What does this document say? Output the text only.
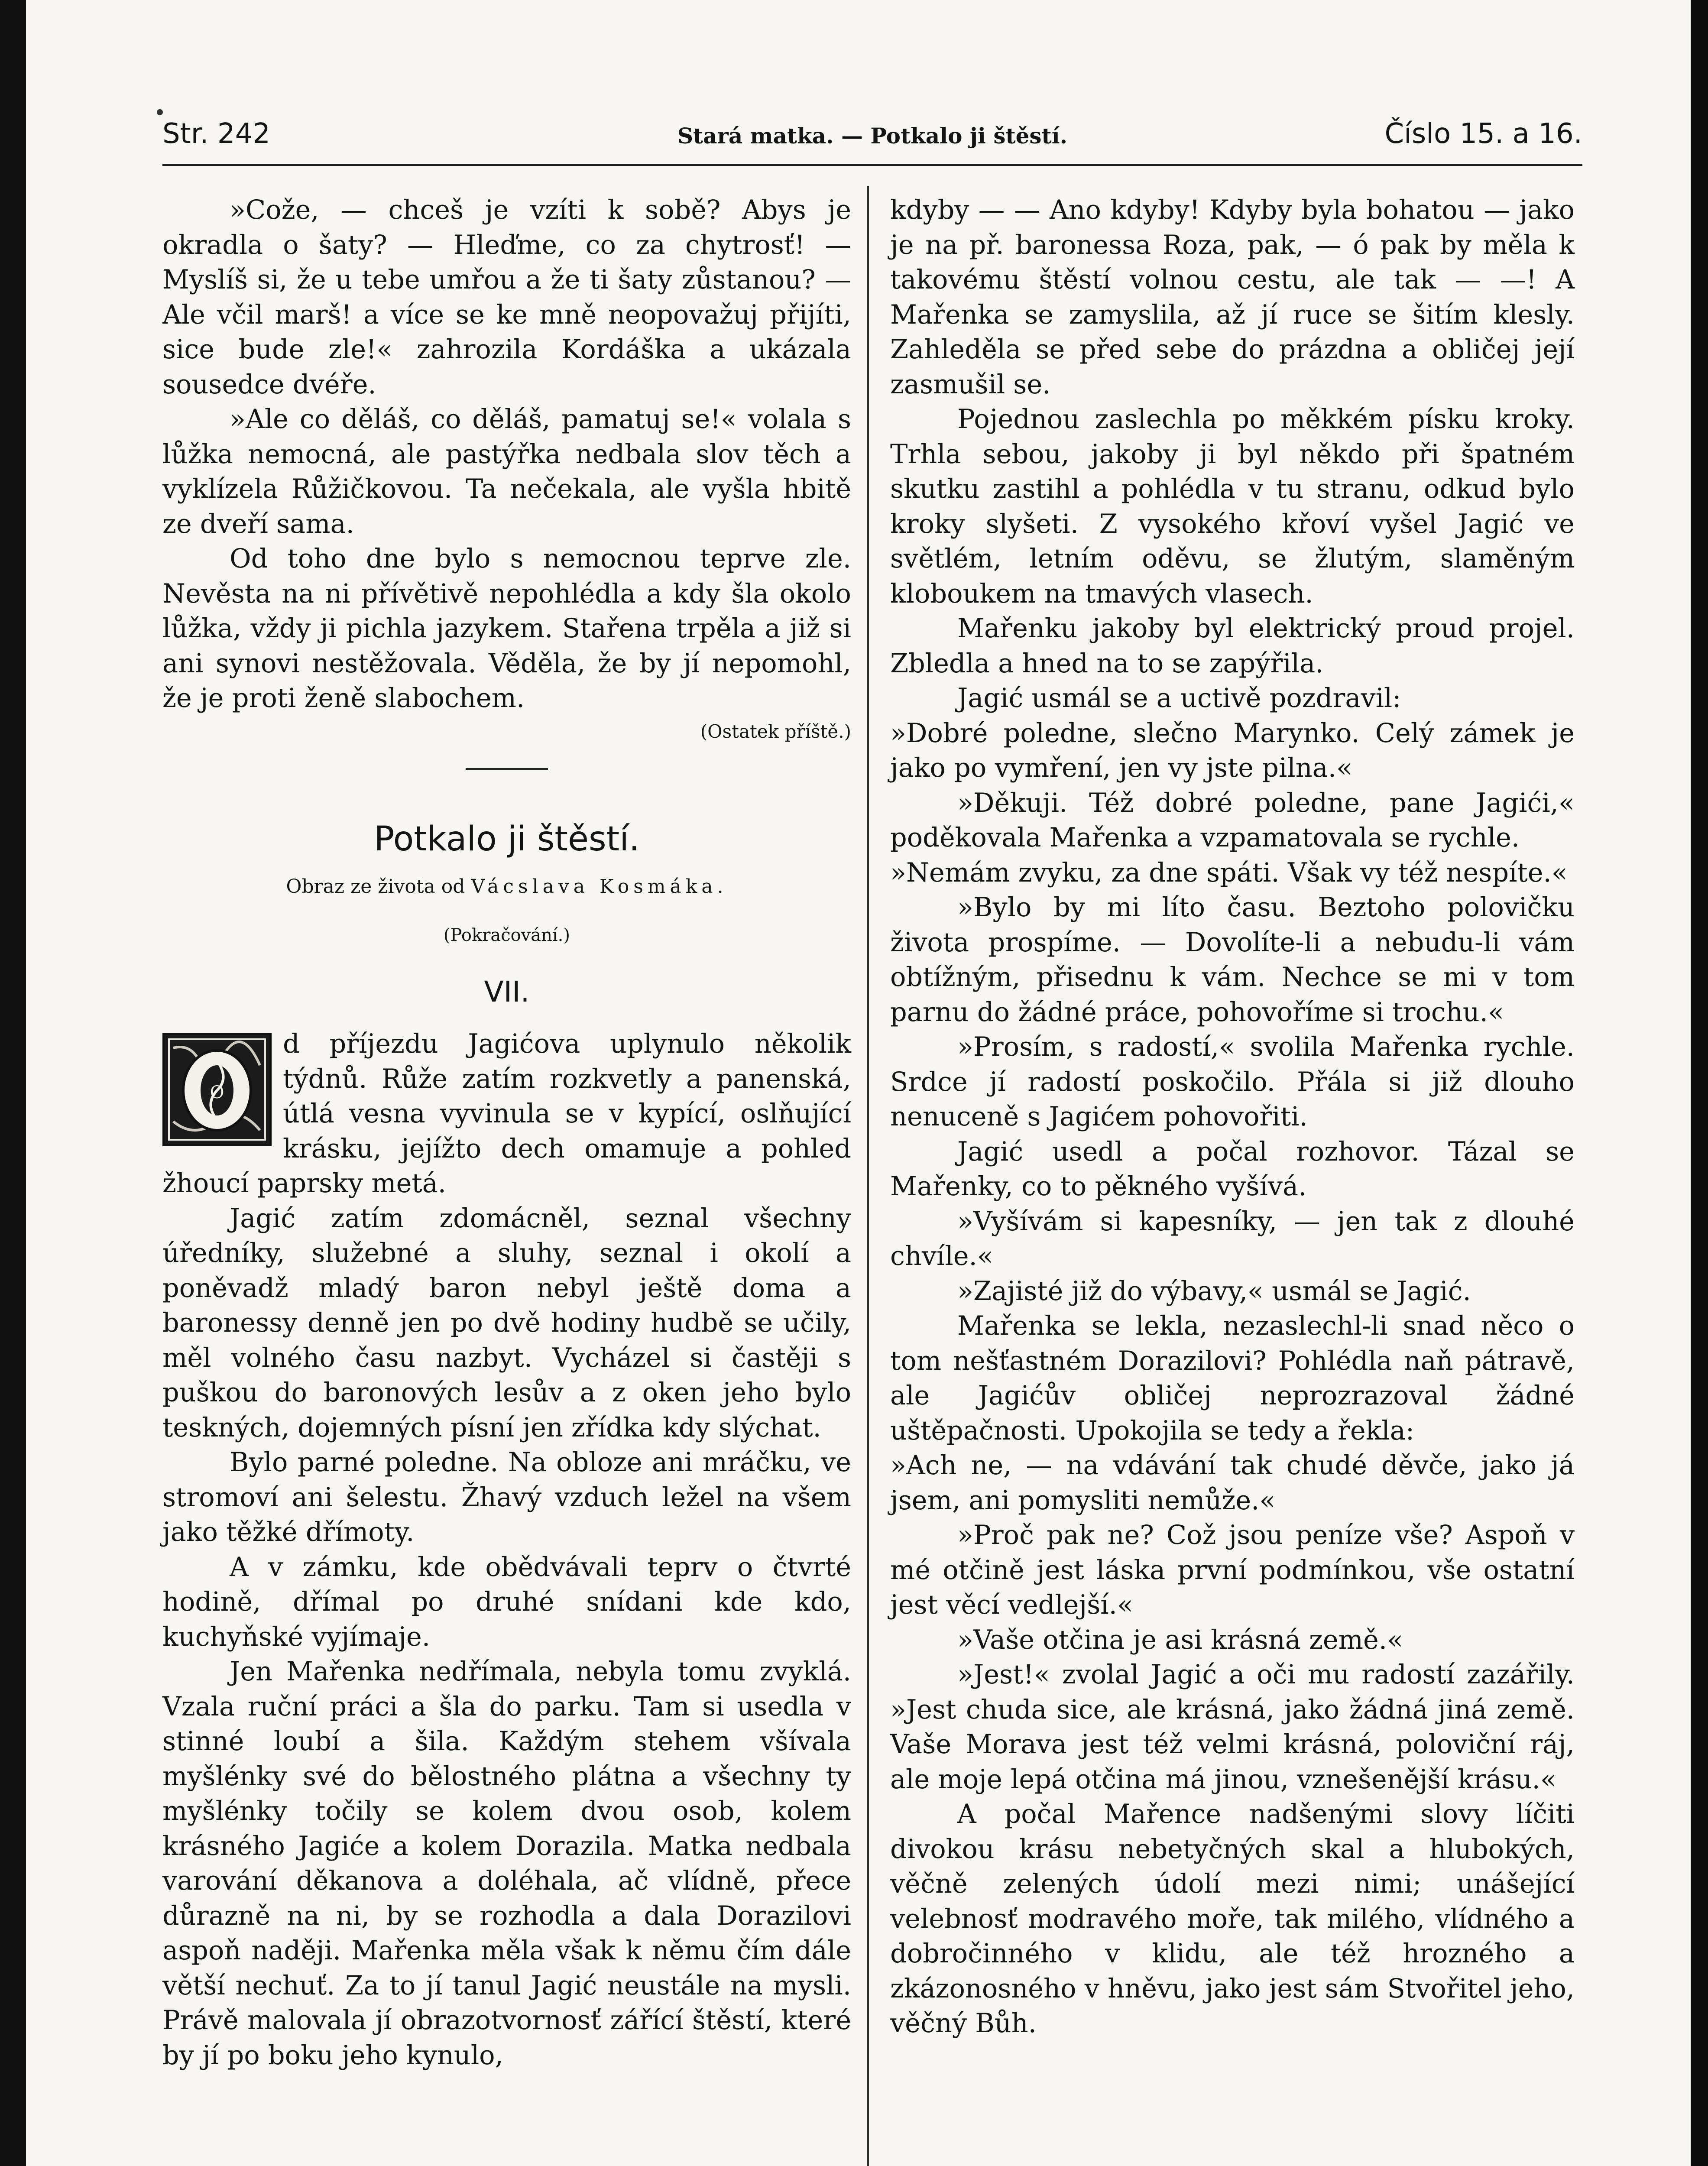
Str. 242	Stará matka. — Potkalo ji štěstí.	Číslo 15. a 16.

»Cože, — chceš je vzíti k sobě? Abys je okradla o šaty? — Hleďme, co za chytrosť! — Myslíš si, že u tebe umřou a že ti šaty zůstanou? — Ale včil marš! a více se ke mně neopovažuj přijíti, sice bude zle!« zahrozila Kordáška a ukázala sousedce dvéře.

»Ale co děláš, co děláš, pamatuj se!« volala s lůžka nemocná, ale pastýřka nedbala slov těch a vyklízela Růžičkovou. Ta nečekala, ale vyšla hbitě ze dveří sama.

Od toho dne bylo s nemocnou teprve zle. Nevěsta na ni přívětivě nepohlédla a kdy šla okolo lůžka, vždy ji pichla jazykem. Stařena trpěla a již si ani synovi nestěžovala. Věděla, že by jí nepomohl, že je proti ženě slabochem.

(Ostatek příště.)
Potkalo ji štěstí.
Obraz ze života od Vácslava Kosmáka.
(Pokračování.)
VII.

O
d příjezdu Jagićova uplynulo několik týdnů. Růže zatím rozkvetly a panenská, útlá vesna vyvinula se v kypící, oslňující krásku, jejížto dech omamuje a pohled žhoucí paprsky metá.

Jagić zatím zdomácněl, seznal všechny úředníky, služebné a sluhy, seznal i okolí a poněvadž mladý baron nebyl ještě doma a baronessy denně jen po dvě hodiny hudbě se učily, měl volného času nazbyt. Vycházel si častěji s puškou do baronových lesův a z oken jeho bylo teskných, dojemných písní jen zřídka kdy slýchat.

Bylo parné poledne. Na obloze ani mráčku, ve stromoví ani šelestu. Žhavý vzduch ležel na všem jako těžké dřímoty.

A v zámku, kde obědvávali teprv o čtvrté hodině, dřímal po druhé snídani kde kdo, kuchyňské vyjímaje.

Jen Mařenka nedřímala, nebyla tomu zvyklá. Vzala ruční práci a šla do parku. Tam si usedla v stinné loubí a šila. Každým stehem všívala myšlénky své do bělostného plátna a všechny ty myšlénky točily se kolem dvou osob, kolem krásného Jagiće a kolem Dorazila. Matka nedbala varování děkanova a doléhala, ač vlídně, přece důrazně na ni, by se rozhodla a dala Dorazilovi aspoň naději. Mařenka měla však k němu čím dále větší nechuť. Za to jí tanul Jagić neustále na mysli. Právě malovala jí obrazotvornosť zářící štěstí, které by jí po boku jeho kynulo,

kdyby — — Ano kdyby! Kdyby byla bohatou — jako je na př. baronessa Roza, pak, — ó pak by měla k takovému štěstí volnou cestu, ale tak — —! A Mařenka se zamyslila, až jí ruce se šitím klesly. Zahleděla se před sebe do prázdna a obličej její zasmušil se.

Pojednou zaslechla po měkkém písku kroky. Trhla sebou, jakoby ji byl někdo při špatném skutku zastihl a pohlédla v tu stranu, odkud bylo kroky slyšeti. Z vysokého křoví vyšel Jagić ve světlém, letním oděvu, se žlutým, slaměným kloboukem na tmavých vlasech.

Mařenku jakoby byl elektrický proud projel. Zbledla a hned na to se zapýřila.

Jagić usmál se a uctivě pozdravil:

»Dobré poledne, slečno Marynko. Celý zámek je jako po vymření, jen vy jste pilna.«

»Děkuji. Též dobré poledne, pane Jagići,« poděkovala Mařenka a vzpamatovala se rychle.

»Nemám zvyku, za dne spáti. Však vy též nespíte.«

»Bylo by mi líto času. Beztoho polovičku života prospíme. — Dovolíte-li a nebudu-li vám obtížným, přisednu k vám. Nechce se mi v tom parnu do žádné práce, pohovoříme si trochu.«

»Prosím, s radostí,« svolila Mařenka rychle. Srdce jí radostí poskočilo. Přála si již dlouho nenuceně s Jagićem pohovořiti.

Jagić usedl a počal rozhovor. Tázal se Mařenky, co to pěkného vyšívá.

»Vyšívám si kapesníky, — jen tak z dlouhé chvíle.«

»Zajisté již do výbavy,« usmál se Jagić.

Mařenka se lekla, nezaslechl-li snad něco o tom nešťastném Dorazilovi? Pohlédla naň pátravě, ale Jagićův obličej neprozrazoval žádné uštěpačnosti. Upokojila se tedy a řekla:

»Ach ne, — na vdávání tak chudé děvče, jako já jsem, ani pomysliti nemůže.«

»Proč pak ne? Což jsou peníze vše? Aspoň v mé otčině jest láska první podmínkou, vše ostatní jest věcí vedlejší.«

»Vaše otčina je asi krásná země.«

»Jest!« zvolal Jagić a oči mu radostí zazářily. »Jest chuda sice, ale krásná, jako žádná jiná země. Vaše Morava jest též velmi krásná, poloviční ráj, ale moje lepá otčina má jinou, vznešenější krásu.«

A počal Mařence nadšenými slovy líčiti divokou krásu nebetyčných skal a hlubokých, věčně zelených údolí mezi nimi; unášející velebnosť modravého moře, tak milého, vlídného a dobročinného v klidu, ale též hrozného a zkázonosného v hněvu, jako jest sám Stvořitel jeho, věčný Bůh.
